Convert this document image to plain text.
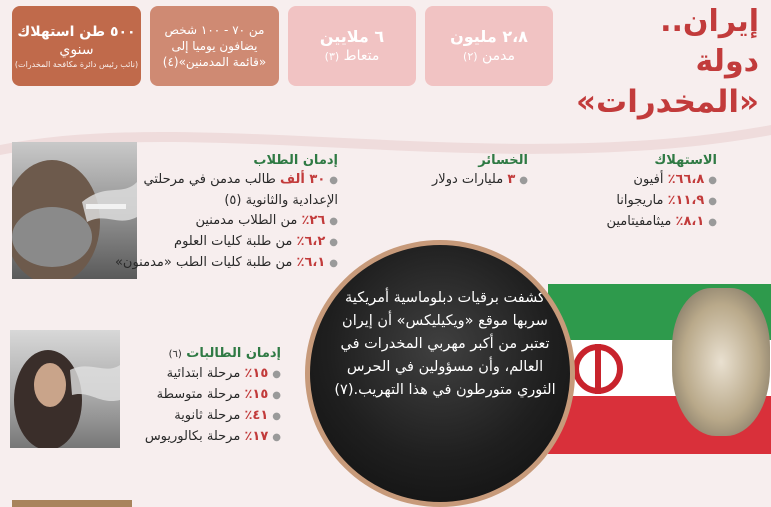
إيران.. دولة
«المخدرات»
٢،٨ مليون
مدمن (٢)
٦ ملايين
متعاط (٣)
من ٧٠ - ١٠٠ شخص
يضافون يوميا إلى
«قائمة المدمنين»(٤)
٥٠٠ طن استهلاك
سنوي
(نائب رئيس دائرة مكافحة المخدرات)
الاستهلاك
●٦٦،٨٪ أفيون
●١١،٩٪ ماريجوانا
●٨،١٪ ميثامفيتامين
الخسائر
●٣ مليارات دولار
إدمان الطلاب
●٣٠ ألف طالب مدمن في مرحلتي
الإعدادية والثانوية (٥)
●٢٦٪ من الطلاب مدمنين
●٦،٢٪ من طلبة كليات العلوم
●٦،١٪ من طلبة كليات الطب «مدمنون»
إدمان الطالبات (٦)
●١٥٪ مرحلة ابتدائية
●١٥٪ مرحلة متوسطة
●٤١٪ مرحلة ثانوية
●١٧٪ مرحلة بكالوريوس
كشفت برقيات دبلوماسية أمريكية سربها موقع «ويكيليكس» أن إيران تعتبر من أكبر مهربي المخدرات في العالم، وأن مسؤولين في الحرس الثوري متورطون في هذا التهريب.(٧)
